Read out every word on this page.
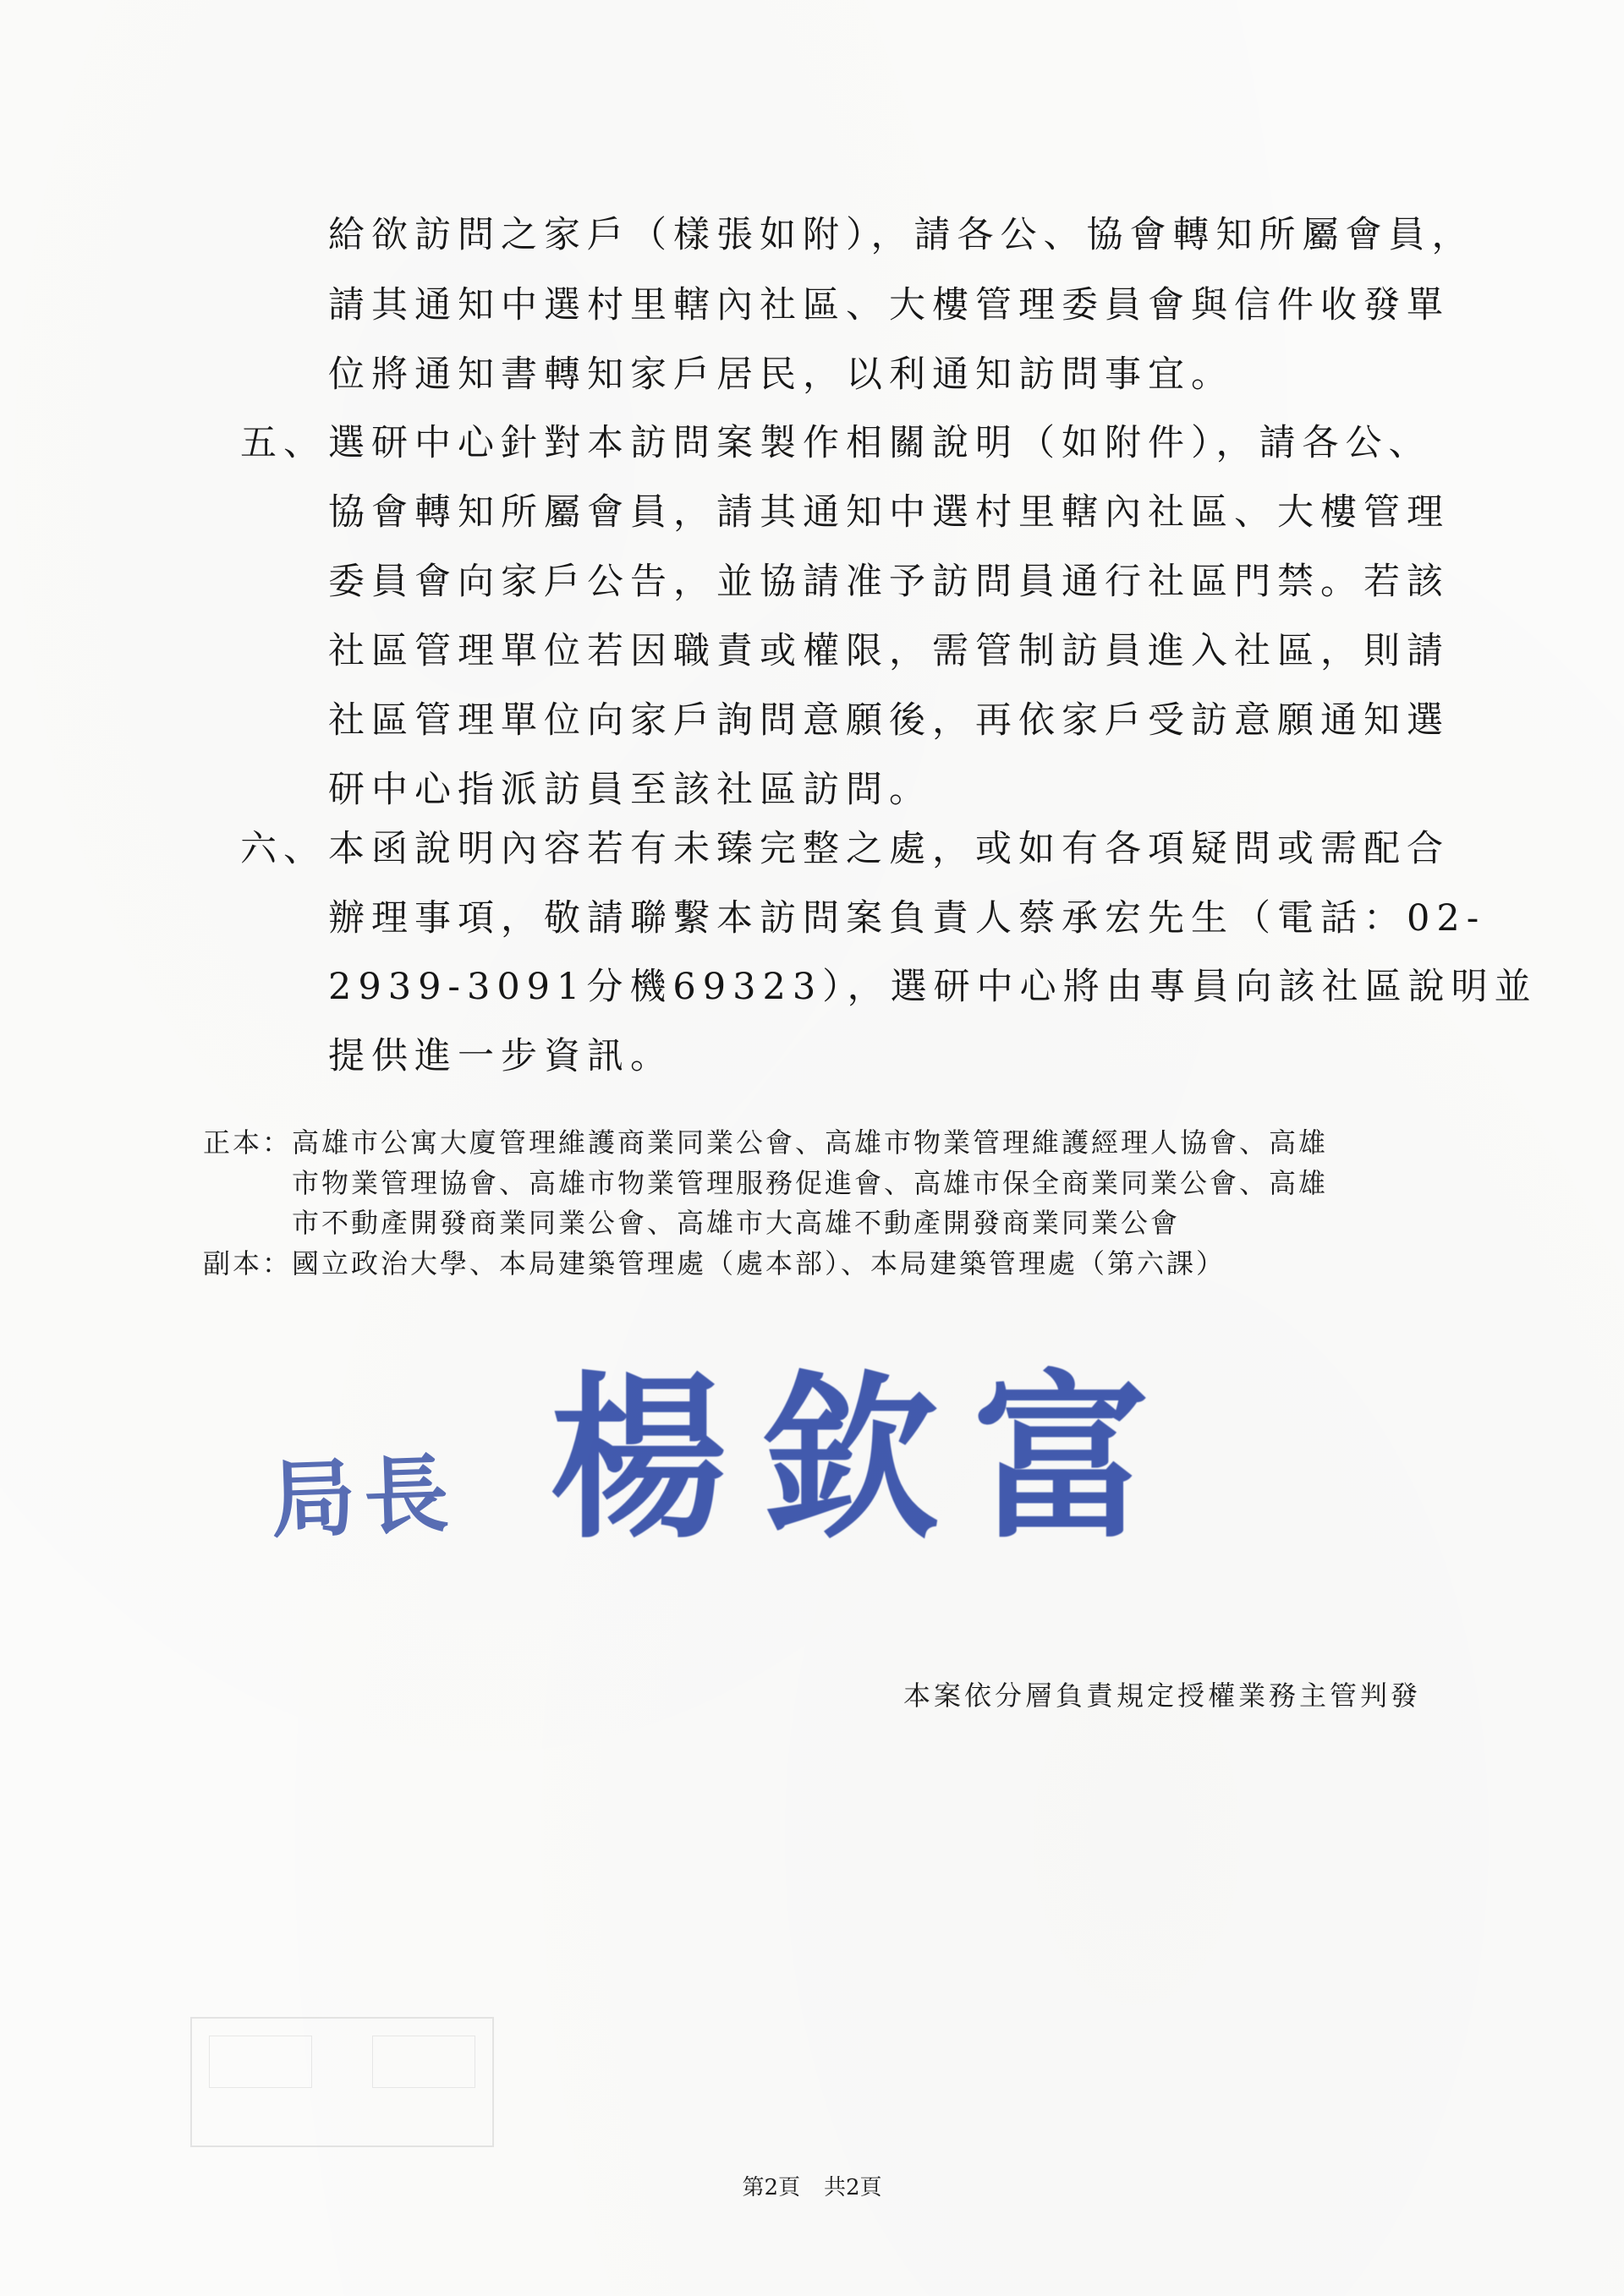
給欲訪問之家戶（樣張如附），請各公、協會轉知所屬會員，
請其通知中選村里轄內社區、大樓管理委員會與信件收發單
位將通知書轉知家戶居民，以利通知訪問事宜。
五、 選研中心針對本訪問案製作相關說明（如附件），請各公、
協會轉知所屬會員，請其通知中選村里轄內社區、大樓管理
委員會向家戶公告，並協請准予訪問員通行社區門禁。若該
社區管理單位若因職責或權限，需管制訪員進入社區，則請
社區管理單位向家戶詢問意願後，再依家戶受訪意願通知選
研中心指派訪員至該社區訪問。
六、 本函說明內容若有未臻完整之處，或如有各項疑問或需配合
辦理事項，敬請聯繫本訪問案負責人蔡承宏先生（電話：02-
2939-3091分機69323），選研中心將由專員向該社區說明並
提供進一步資訊。
正本： 高雄市公寓大廈管理維護商業同業公會、高雄市物業管理維護經理人協會、高雄
市物業管理協會、高雄市物業管理服務促進會、高雄市保全商業同業公會、高雄
市不動產開發商業同業公會、高雄市大高雄不動產開發商業同業公會
副本： 國立政治大學、本局建築管理處（處本部）、本局建築管理處（第六課）
局長 楊欽富
本案依分層負責規定授權業務主管判發
第2頁 共2頁
